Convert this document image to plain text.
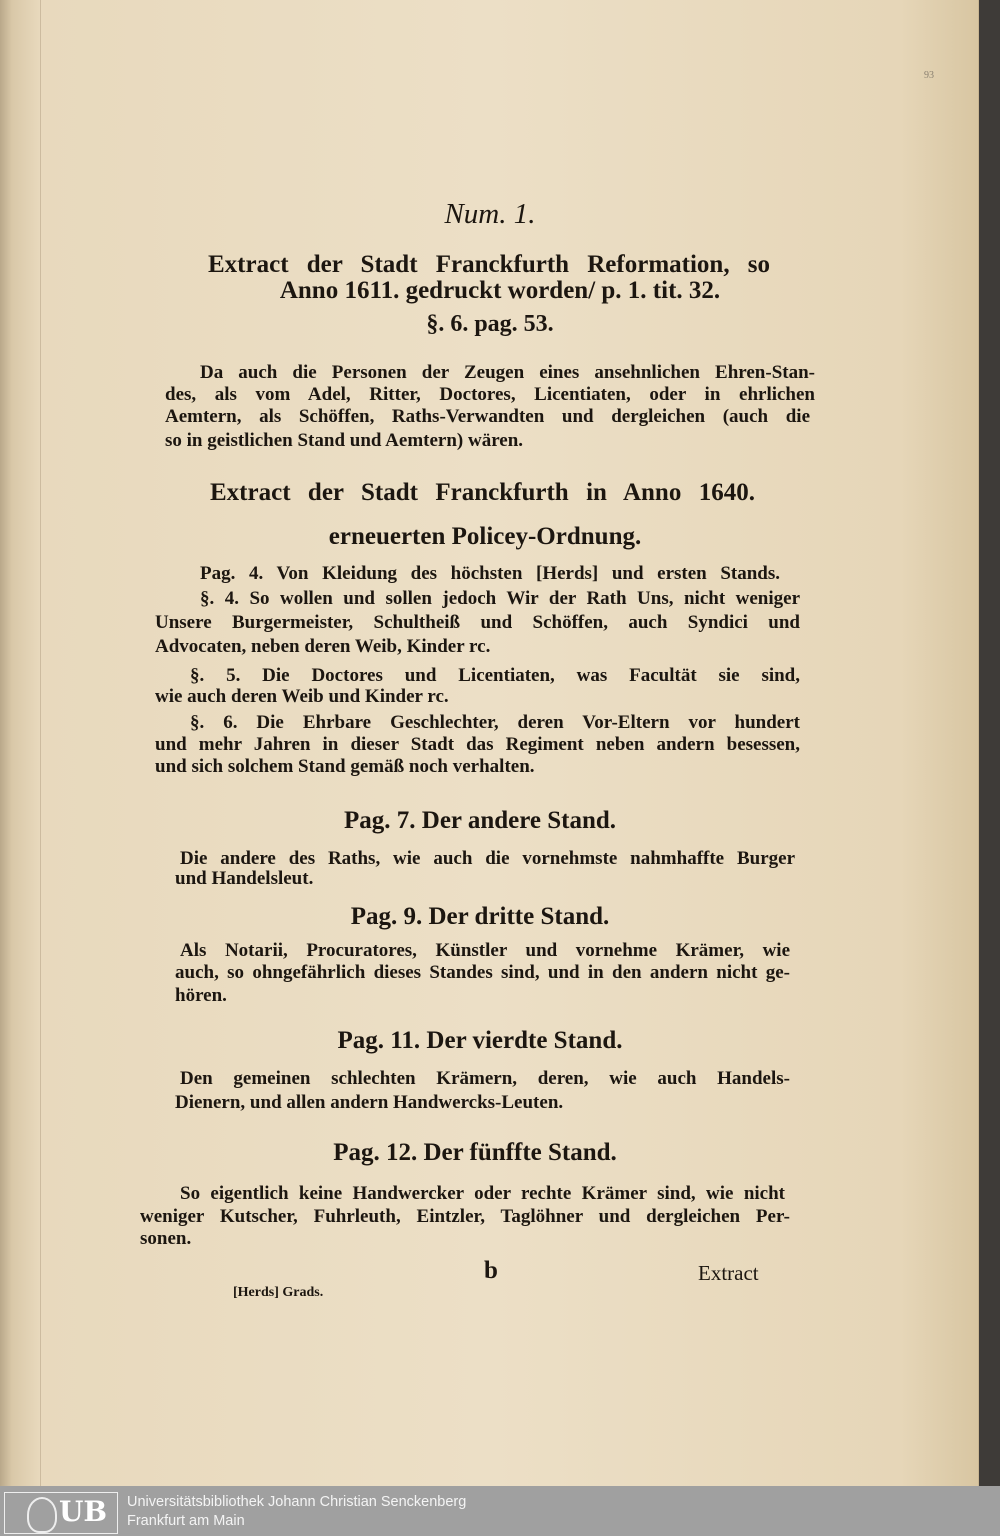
93
Num. 1.
Extract der Stadt Franckfurth Reformation, so
Anno 1611. gedruckt worden/ p. 1. tit. 32.
§. 6. pag. 53.
Da auch die Personen der Zeugen eines ansehnlichen Ehren-Stan-
des, als vom Adel, Ritter, Doctores, Licentiaten, oder in ehrlichen
Aemtern, als Schöffen, Raths-Verwandten und dergleichen (auch die
so in geistlichen Stand und Aemtern) wären.
Extract der Stadt Franckfurth in Anno 1640.
erneuerten Policey-Ordnung.
Pag. 4. Von Kleidung des höchsten [Herds] und ersten Stands.
§. 4. So wollen und sollen jedoch Wir der Rath Uns, nicht weniger
Unsere Burgermeister, Schultheiß und Schöffen, auch Syndici und
Advocaten, neben deren Weib, Kinder rc.
§. 5. Die Doctores und Licentiaten, was Facultät sie sind,
wie auch deren Weib und Kinder rc.
§. 6. Die Ehrbare Geschlechter, deren Vor-Eltern vor hundert
und mehr Jahren in dieser Stadt das Regiment neben andern besessen,
und sich solchem Stand gemäß noch verhalten.
Pag. 7. Der andere Stand.
Die andere des Raths, wie auch die vornehmste nahmhaffte Burger
und Handelsleut.
Pag. 9. Der dritte Stand.
Als Notarii, Procuratores, Künstler und vornehme Krämer, wie
auch, so ohngefährlich dieses Standes sind, und in den andern nicht ge-
hören.
Pag. 11. Der vierdte Stand.
Den gemeinen schlechten Krämern, deren, wie auch Handels-
Dienern, und allen andern Handwercks-Leuten.
Pag. 12. Der fünffte Stand.
So eigentlich keine Handwercker oder rechte Krämer sind, wie nicht
weniger Kutscher, Fuhrleuth, Eintzler, Taglöhner und dergleichen Per-
sonen.
b	Extract
[Herds] Grads.
UB Universitätsbibliothek Johann Christian Senckenberg
Frankfurt am Main
